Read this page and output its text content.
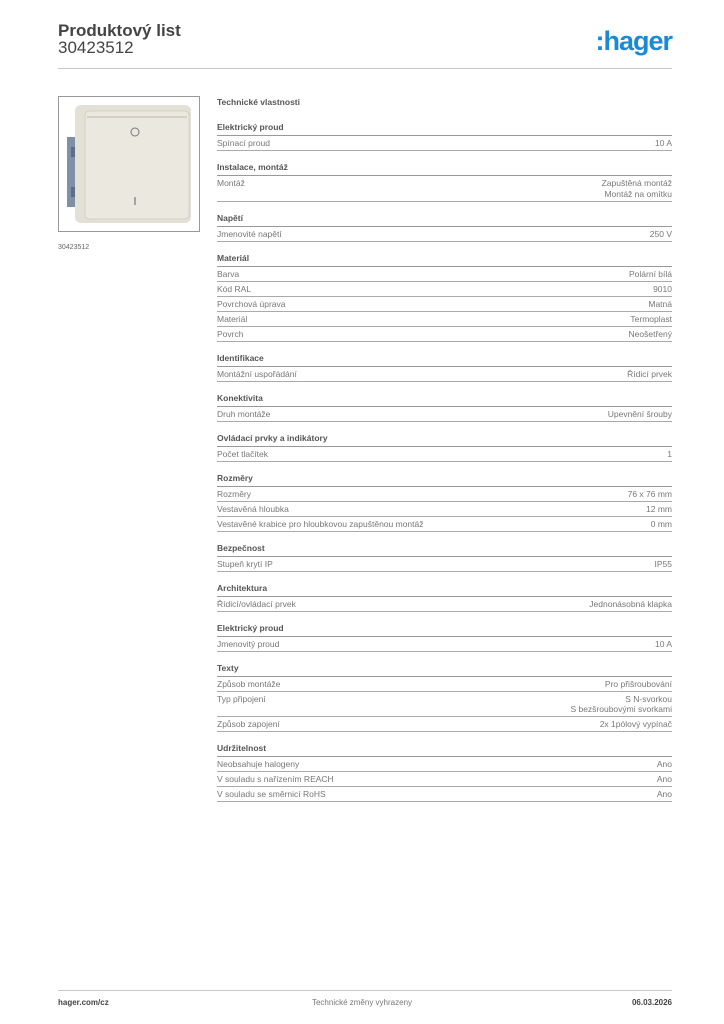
Produktový list
30423512	:hager
30423512
Technické vlastnosti
Elektrický proud
Spínací proud	10 A
Instalace, montáž
Montáž	Zapuštěná montáž
Montáž na omítku
Napětí
Jmenovité napětí	250 V
Materiál
Barva	Polární bílá
Kód RAL	9010
Povrchová úprava	Matná
Materiál	Termoplast
Povrch	Neošetřený
Identifikace
Montážní uspořádání	Řídicí prvek
Konektivita
Druh montáže	Upevnění šrouby
Ovládací prvky a indikátory
Počet tlačítek	1
Rozměry
Rozměry	76 x 76 mm
Vestavěná hloubka	12 mm
Vestavěné krabice pro hloubkovou zapuštěnou montáž	0 mm
Bezpečnost
Stupeň krytí IP	IP55
Architektura
Řídicí/ovládací prvek	Jednonásobná klapka
Elektrický proud
Jmenovitý proud	10 A
Texty
Způsob montáže	Pro přišroubování
Typ připojení	S N-svorkou
S bezšroubovými svorkami
Způsob zapojení	2x 1pólový vypínač
Udržitelnost
Neobsahuje halogeny	Ano
V souladu s nařízením REACH	Ano
V souladu se směrnicí RoHS	Ano
hager.com/cz	Technické změny vyhrazeny	06.03.2026
